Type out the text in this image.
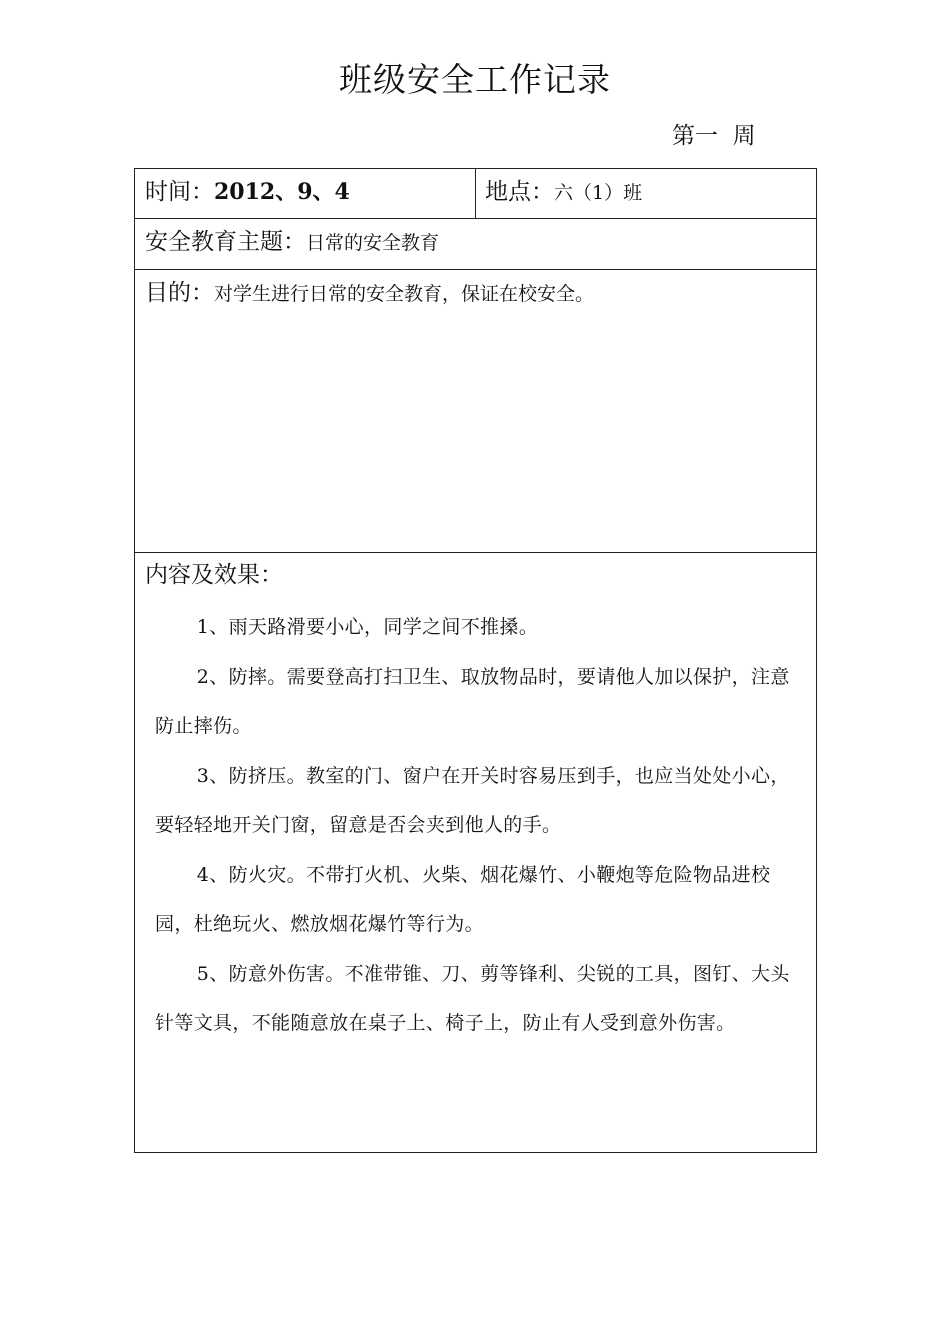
班级安全工作记录
第一  周
时间：2012、9、4	地点：六（1）班
安全教育主题：日常的安全教育
目的：对学生进行日常的安全教育，保证在校安全。
内容及效果：

1、雨天路滑要小心，同学之间不推搡。

2、防摔。需要登高打扫卫生、取放物品时，要请他人加以保护，注意防止摔伤。

3、防挤压。教室的门、窗户在开关时容易压到手，也应当处处小心，要轻轻地开关门窗，留意是否会夹到他人的手。

4、防火灾。不带打火机、火柴、烟花爆竹、小鞭炮等危险物品进校园，杜绝玩火、燃放烟花爆竹等行为。

5、防意外伤害。不准带锥、刀、剪等锋利、尖锐的工具，图钉、大头针等文具，不能随意放在桌子上、椅子上，防止有人受到意外伤害。
